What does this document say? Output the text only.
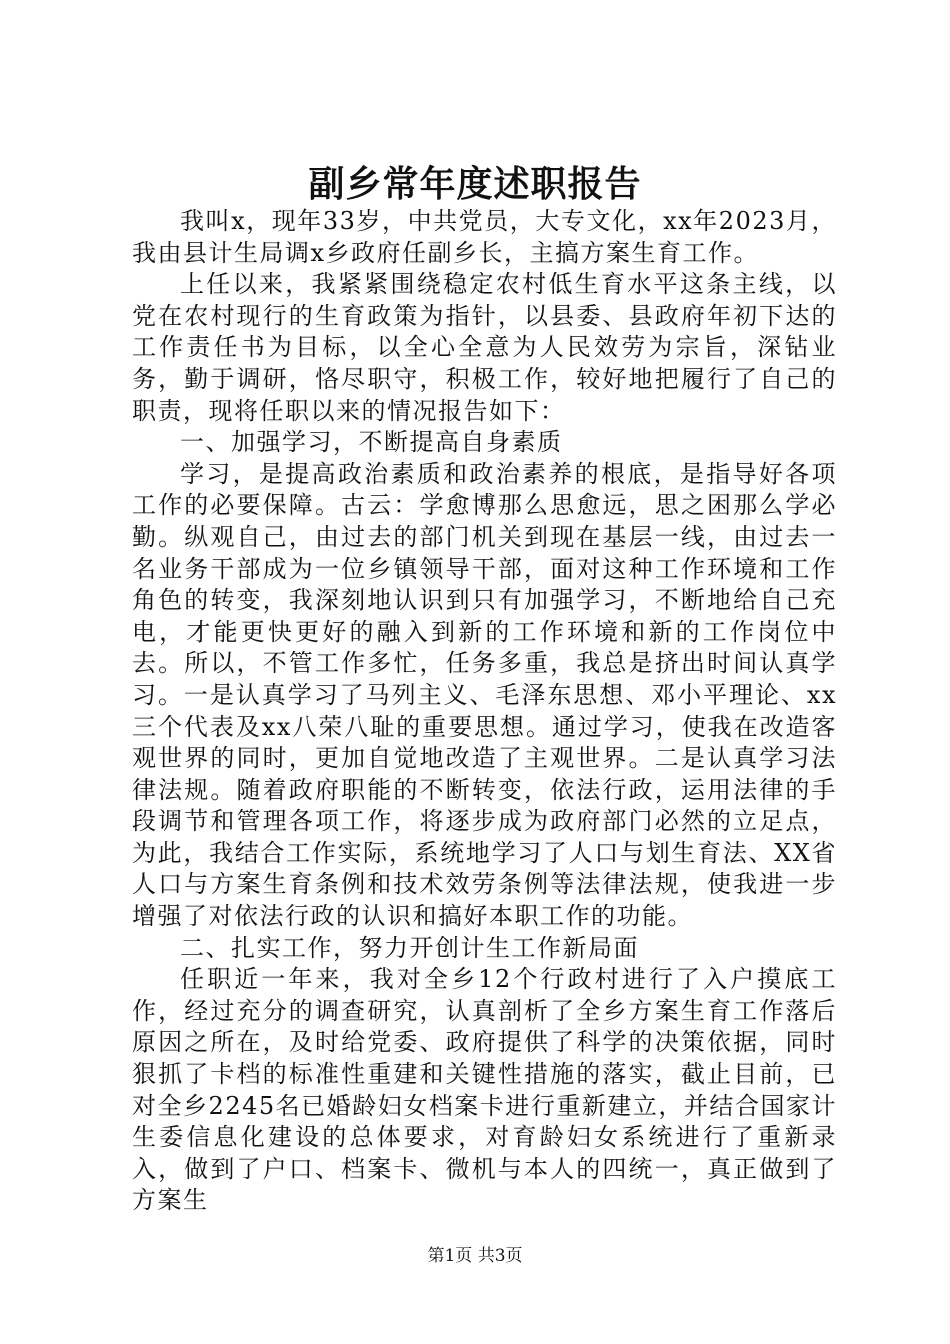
副乡常年度述职报告

我叫x，现年33岁，中共党员，大专文化，xx年2023月，我由县计生局调x乡政府任副乡长，主搞方案生育工作。

上任以来，我紧紧围绕稳定农村低生育水平这条主线，以党在农村现行的生育政策为指针，以县委、县政府年初下达的工作责任书为目标，以全心全意为人民效劳为宗旨，深钻业务，勤于调研，恪尽职守，积极工作，较好地把履行了自己的职责，现将任职以来的情况报告如下：

一、加强学习，不断提高自身素质

学习，是提高政治素质和政治素养的根底，是指导好各项工作的必要保障。古云：学愈博那么思愈远，思之困那么学必勤。纵观自己，由过去的部门机关到现在基层一线，由过去一名业务干部成为一位乡镇领导干部，面对这种工作环境和工作角色的转变，我深刻地认识到只有加强学习，不断地给自己充电，才能更快更好的融入到新的工作环境和新的工作岗位中去。所以，不管工作多忙，任务多重，我总是挤出时间认真学习。一是认真学习了马列主义、毛泽东思想、邓小平理论、xx三个代表及xx八荣八耻的重要思想。通过学习，使我在改造客观世界的同时，更加自觉地改造了主观世界。二是认真学习法律法规。随着政府职能的不断转变，依法行政，运用法律的手段调节和管理各项工作，将逐步成为政府部门必然的立足点，为此，我结合工作实际，系统地学习了人口与划生育法、XX省人口与方案生育条例和技术效劳条例等法律法规，使我进一步增强了对依法行政的认识和搞好本职工作的功能。

二、扎实工作，努力开创计生工作新局面

任职近一年来，我对全乡12个行政村进行了入户摸底工作，经过充分的调查研究，认真剖析了全乡方案生育工作落后原因之所在，及时给党委、政府提供了科学的决策依据，同时狠抓了卡档的标准性重建和关键性措施的落实，截止目前，已对全乡2245名已婚龄妇女档案卡进行重新建立，并结合国家计生委信息化建设的总体要求，对育龄妇女系统进行了重新录入，做到了户口、档案卡、微机与本人的四统一，真正做到了方案生

第1页 共3页
